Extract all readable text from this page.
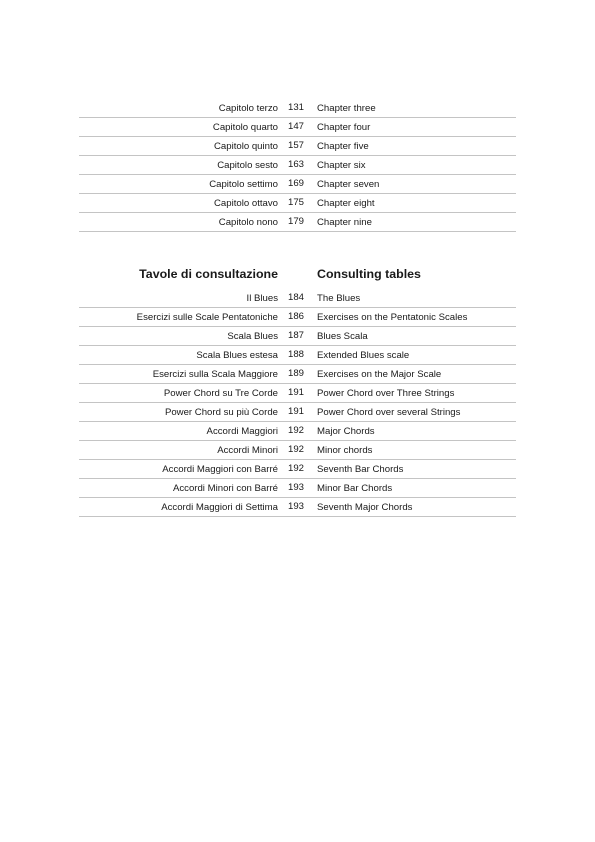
Capitolo terzo 131 Chapter three
Capitolo quarto 147 Chapter four
Capitolo quinto 157 Chapter five
Capitolo sesto 163 Chapter six
Capitolo settimo 169 Chapter seven
Capitolo ottavo 175 Chapter eight
Capitolo nono 179 Chapter nine
Tavole di consultazione	Consulting tables
Il Blues 184 The Blues
Esercizi sulle Scale Pentatoniche 186 Exercises on the Pentatonic Scales
Scala Blues 187 Blues Scala
Scala Blues estesa 188 Extended Blues scale
Esercizi sulla Scala Maggiore 189 Exercises on the Major Scale
Power Chord su Tre Corde 191 Power Chord over Three Strings
Power Chord su più Corde 191 Power Chord over several Strings
Accordi Maggiori 192 Major Chords
Accordi Minori 192 Minor chords
Accordi Maggiori con Barré 192 Seventh Bar Chords
Accordi Minori con Barré 193 Minor Bar Chords
Accordi Maggiori di Settima 193 Seventh Major Chords
